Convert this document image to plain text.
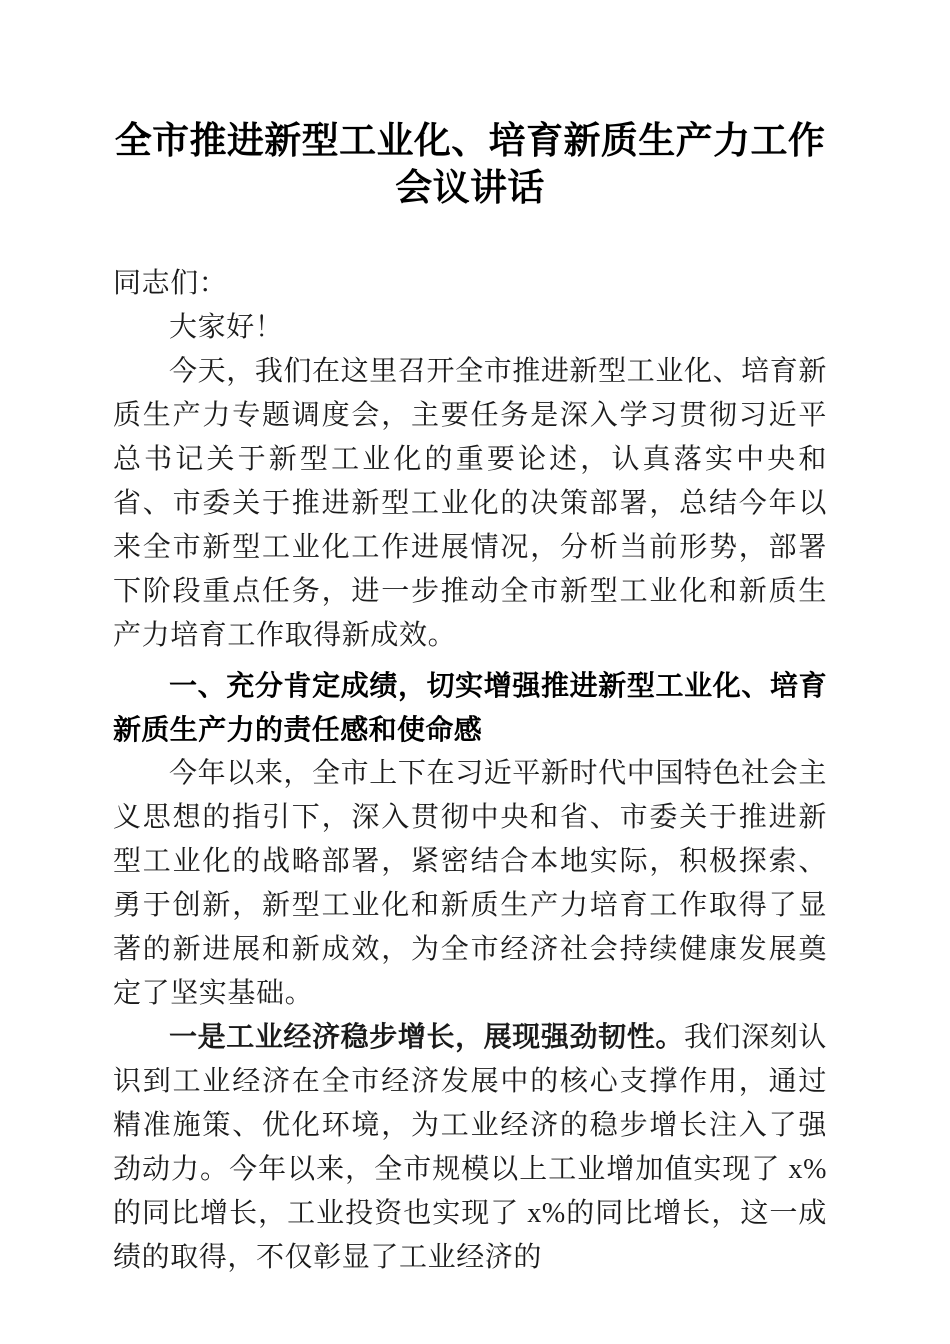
全市推进新型工业化、培育新质生产力工作会议讲话

同志们：

大家好！

今天，我们在这里召开全市推进新型工业化、培育新质生产力专题调度会，主要任务是深入学习贯彻习近平总书记关于新型工业化的重要论述，认真落实中央和省、市委关于推进新型工业化的决策部署，总结今年以来全市新型工业化工作进展情况，分析当前形势，部署下阶段重点任务，进一步推动全市新型工业化和新质生产力培育工作取得新成效。

一、充分肯定成绩，切实增强推进新型工业化、培育新质生产力的责任感和使命感

今年以来，全市上下在习近平新时代中国特色社会主义思想的指引下，深入贯彻中央和省、市委关于推进新型工业化的战略部署，紧密结合本地实际，积极探索、勇于创新，新型工业化和新质生产力培育工作取得了显著的新进展和新成效，为全市经济社会持续健康发展奠定了坚实基础。

一是工业经济稳步增长，展现强劲韧性。我们深刻认识到工业经济在全市经济发展中的核心支撑作用，通过精准施策、优化环境，为工业经济的稳步增长注入了强劲动力。今年以来，全市规模以上工业增加值实现了 x%的同比增长，工业投资也实现了 x%的同比增长，这一成绩的取得，不仅彰显了工业经济的
